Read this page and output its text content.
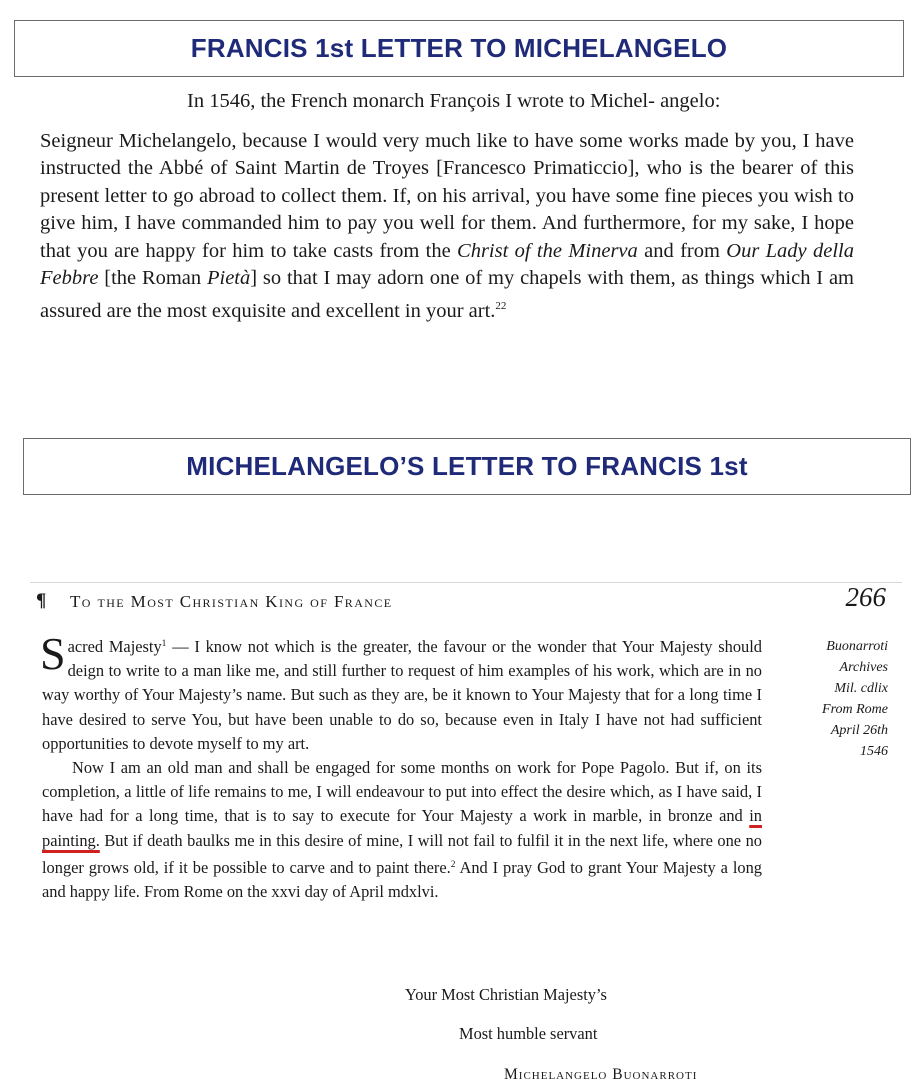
FRANCIS 1st LETTER TO MICHELANGELO

In 1546, the French monarch François I wrote to Michel- angelo:

Seigneur Michelangelo, because I would very much like to have some works made by you, I have instructed the Abbé of Saint Martin de Troyes [Francesco Primaticcio], who is the bearer of this present letter to go abroad to collect them. If, on his arrival, you have some fine pieces you wish to give him, I have commanded him to pay you well for them. And furthermore, for my sake, I hope that you are happy for him to take casts from the Christ of the Minerva and from Our Lady della Febbre [the Roman Pietà] so that I may adorn one of my chapels with them, as things which I am assured are the most exquisite and excellent in your art.$^{22}$

MICHELANGELO’S LETTER TO FRANCIS 1st
¶ To the Most Christian King of France	266

Sacred Majesty$^1$ — I know not which is the greater, the favour or the wonder that Your Majesty should deign to write to a man like me, and still further to request of him examples of his work, which are in no way worthy of Your Majesty’s name. But such as they are, be it known to Your Majesty that for a long time I have desired to serve You, but have been unable to do so, because even in Italy I have not had sufficient opportunities to devote myself to my art.

Now I am an old man and shall be engaged for some months on work for Pope Pagolo. But if, on its completion, a little of life remains to me, I will endeavour to put into effect the desire which, as I have said, I have had for a long time, that is to say to execute for Your Majesty a work in marble, in bronze and in painting. But if death baulks me in this desire of mine, I will not fail to fulfil it in the next life, where one no longer grows old, if it be possible to carve and to paint there.$^2$ And I pray God to grant Your Majesty a long and happy life. From Rome on the xxvi day of April mdxlvi.

Buonarroti
Archives
Mil. cdlix
From Rome
April 26th
1546
Your Most Christian Majesty’s
Most humble servant
Michelangelo Buonarroti
